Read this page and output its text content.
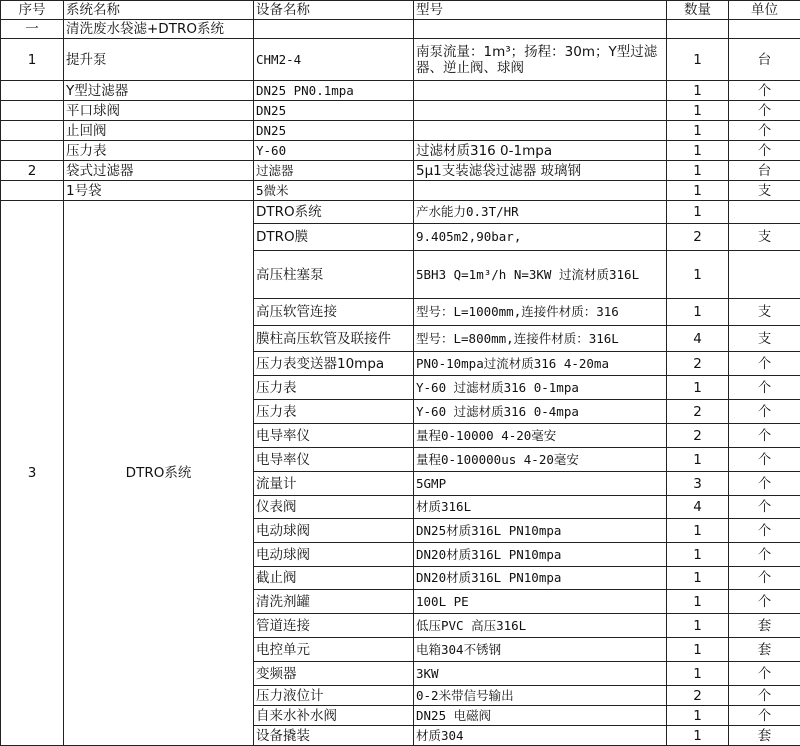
序号	系统名称	设备名称	型号	数量	单位
一	清洗废水袋滤+DTRO系统				
1	提升泵	CHM2-4	南泵流量：1m³；扬程：30m；Y型过滤器、逆止阀、球阀	1	台
	Y型过滤器	DN25 PN0.1mpa		1	个
	平口球阀	DN25		1	个
	止回阀	DN25		1	个
	压力表	Y-60	过滤材质316 0-1mpa	1	个
2	袋式过滤器	过滤器	5μ1支装滤袋过滤器 玻璃钢	1	台
	1号袋	5微米		1	支
3	DTRO系统	DTRO系统	产水能力0.3T/HR	1	
		DTRO膜	9.405m2,90bar,	2	支
		高压柱塞泵	5BH3 Q=1m³/h N=3KW 过流材质316L	1	
		高压软管连接	型号：L=1000mm,连接件材质：316	1	支
		膜柱高压软管及联接件	型号：L=800mm,连接件材质：316L	4	支
		压力表变送器10mpa	PN0-10mpa过流材质316 4-20ma	2	个
		压力表	Y-60 过滤材质316 0-1mpa	1	个
		压力表	Y-60 过滤材质316 0-4mpa	2	个
		电导率仪	量程0-10000 4-20毫安	2	个
		电导率仪	量程0-100000us 4-20毫安	1	个
		流量计	5GMP	3	个
		仪表阀	材质316L	4	个
		电动球阀	DN25材质316L PN10mpa	1	个
		电动球阀	DN20材质316L PN10mpa	1	个
		截止阀	DN20材质316L PN10mpa	1	个
		清洗剂罐	100L PE	1	个
		管道连接	低压PVC 高压316L	1	套
		电控单元	电箱304不锈钢	1	套
		变频器	3KW	1	个
		压力液位计	0-2米带信号输出	2	个
		自来水补水阀	DN25 电磁阀	1	个
		设备撬装	材质304	1	套
